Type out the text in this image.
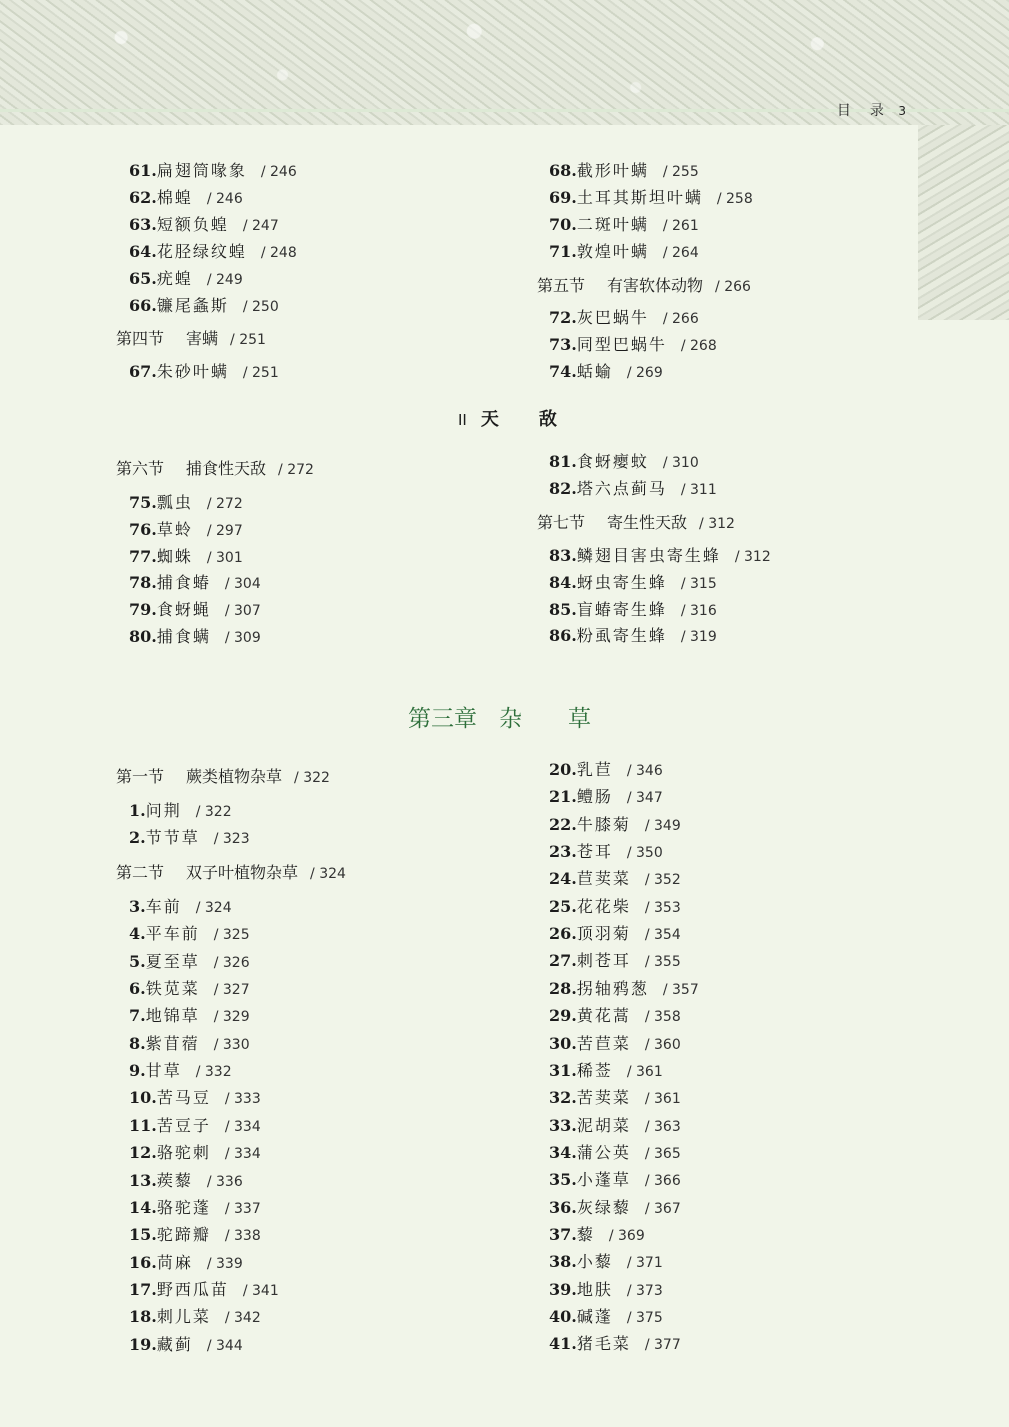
目 录 3
II 天 敌
第三章 杂 草
61.扁翅筒喙象 / 246
62.棉蝗 / 246
63.短额负蝗 / 247
64.花胫绿纹蝗 / 248
65.疣蝗 / 249
66.镰尾螽斯 / 250
第四节 害螨 / 251
67.朱砂叶螨 / 251
68.截形叶螨 / 255
69.土耳其斯坦叶螨 / 258
70.二斑叶螨 / 261
71.敦煌叶螨 / 264
第五节 有害软体动物 / 266
72.灰巴蜗牛 / 266
73.同型巴蜗牛 / 268
74.蛞蝓 / 269
第六节 捕食性天敌 / 272
75.瓢虫 / 272
76.草蛉 / 297
77.蜘蛛 / 301
78.捕食蝽 / 304
79.食蚜蝇 / 307
80.捕食螨 / 309
81.食蚜瘿蚊 / 310
82.塔六点蓟马 / 311
第七节 寄生性天敌 / 312
83.鳞翅目害虫寄生蜂 / 312
84.蚜虫寄生蜂 / 315
85.盲蝽寄生蜂 / 316
86.粉虱寄生蜂 / 319
第一节 蕨类植物杂草 / 322
1.问荆 / 322
2.节节草 / 323
第二节 双子叶植物杂草 / 324
3.车前 / 324
4.平车前 / 325
5.夏至草 / 326
6.铁苋菜 / 327
7.地锦草 / 329
8.紫苜蓿 / 330
9.甘草 / 332
10.苦马豆 / 333
11.苦豆子 / 334
12.骆驼刺 / 334
13.蒺藜 / 336
14.骆驼蓬 / 337
15.驼蹄瓣 / 338
16.苘麻 / 339
17.野西瓜苗 / 341
18.刺儿菜 / 342
19.藏蓟 / 344
20.乳苣 / 346
21.鳢肠 / 347
22.牛膝菊 / 349
23.苍耳 / 350
24.苣荬菜 / 352
25.花花柴 / 353
26.顶羽菊 / 354
27.刺苍耳 / 355
28.拐轴鸦葱 / 357
29.黄花蒿 / 358
30.苦苣菜 / 360
31.稀莶 / 361
32.苦荬菜 / 361
33.泥胡菜 / 363
34.蒲公英 / 365
35.小蓬草 / 366
36.灰绿藜 / 367
37.藜 / 369
38.小藜 / 371
39.地肤 / 373
40.碱蓬 / 375
41.猪毛菜 / 377
